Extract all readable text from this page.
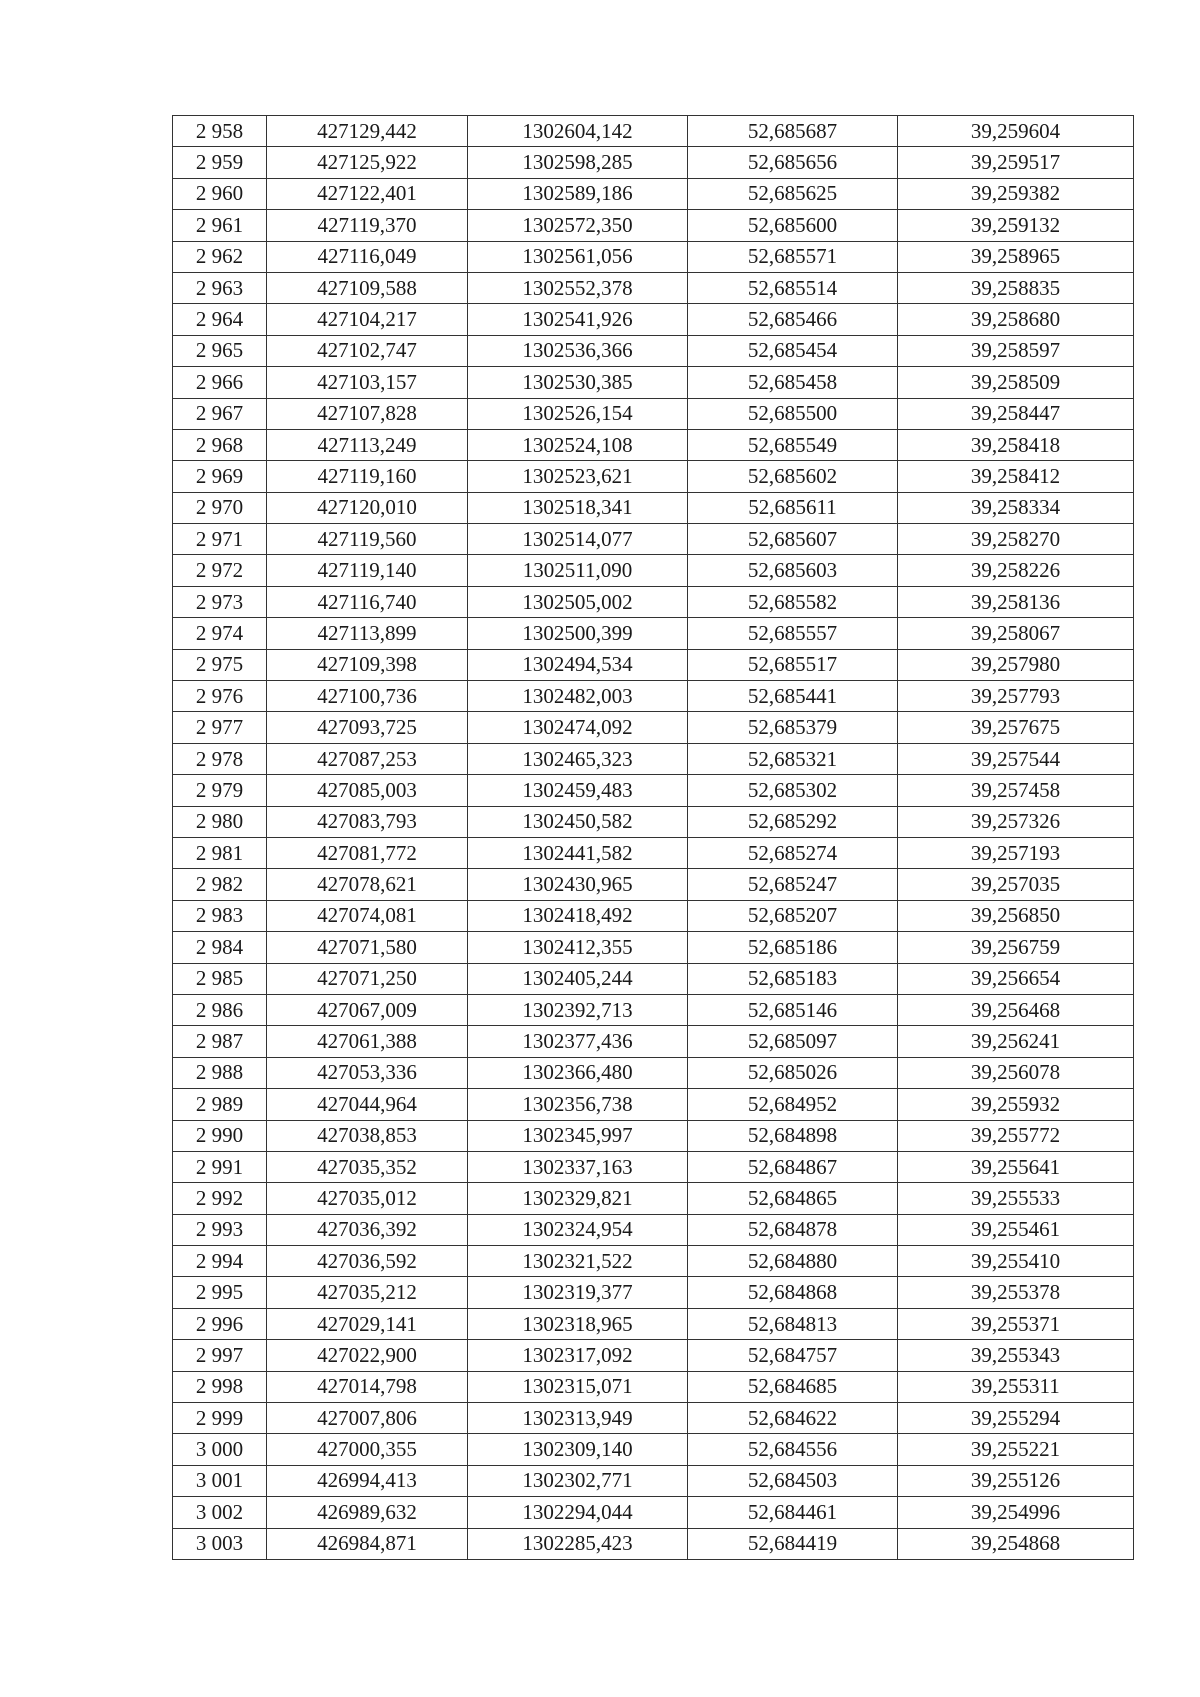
2 958	427129,442	1302604,142	52,685687	39,259604
2 959	427125,922	1302598,285	52,685656	39,259517
2 960	427122,401	1302589,186	52,685625	39,259382
2 961	427119,370	1302572,350	52,685600	39,259132
2 962	427116,049	1302561,056	52,685571	39,258965
2 963	427109,588	1302552,378	52,685514	39,258835
2 964	427104,217	1302541,926	52,685466	39,258680
2 965	427102,747	1302536,366	52,685454	39,258597
2 966	427103,157	1302530,385	52,685458	39,258509
2 967	427107,828	1302526,154	52,685500	39,258447
2 968	427113,249	1302524,108	52,685549	39,258418
2 969	427119,160	1302523,621	52,685602	39,258412
2 970	427120,010	1302518,341	52,685611	39,258334
2 971	427119,560	1302514,077	52,685607	39,258270
2 972	427119,140	1302511,090	52,685603	39,258226
2 973	427116,740	1302505,002	52,685582	39,258136
2 974	427113,899	1302500,399	52,685557	39,258067
2 975	427109,398	1302494,534	52,685517	39,257980
2 976	427100,736	1302482,003	52,685441	39,257793
2 977	427093,725	1302474,092	52,685379	39,257675
2 978	427087,253	1302465,323	52,685321	39,257544
2 979	427085,003	1302459,483	52,685302	39,257458
2 980	427083,793	1302450,582	52,685292	39,257326
2 981	427081,772	1302441,582	52,685274	39,257193
2 982	427078,621	1302430,965	52,685247	39,257035
2 983	427074,081	1302418,492	52,685207	39,256850
2 984	427071,580	1302412,355	52,685186	39,256759
2 985	427071,250	1302405,244	52,685183	39,256654
2 986	427067,009	1302392,713	52,685146	39,256468
2 987	427061,388	1302377,436	52,685097	39,256241
2 988	427053,336	1302366,480	52,685026	39,256078
2 989	427044,964	1302356,738	52,684952	39,255932
2 990	427038,853	1302345,997	52,684898	39,255772
2 991	427035,352	1302337,163	52,684867	39,255641
2 992	427035,012	1302329,821	52,684865	39,255533
2 993	427036,392	1302324,954	52,684878	39,255461
2 994	427036,592	1302321,522	52,684880	39,255410
2 995	427035,212	1302319,377	52,684868	39,255378
2 996	427029,141	1302318,965	52,684813	39,255371
2 997	427022,900	1302317,092	52,684757	39,255343
2 998	427014,798	1302315,071	52,684685	39,255311
2 999	427007,806	1302313,949	52,684622	39,255294
3 000	427000,355	1302309,140	52,684556	39,255221
3 001	426994,413	1302302,771	52,684503	39,255126
3 002	426989,632	1302294,044	52,684461	39,254996
3 003	426984,871	1302285,423	52,684419	39,254868
